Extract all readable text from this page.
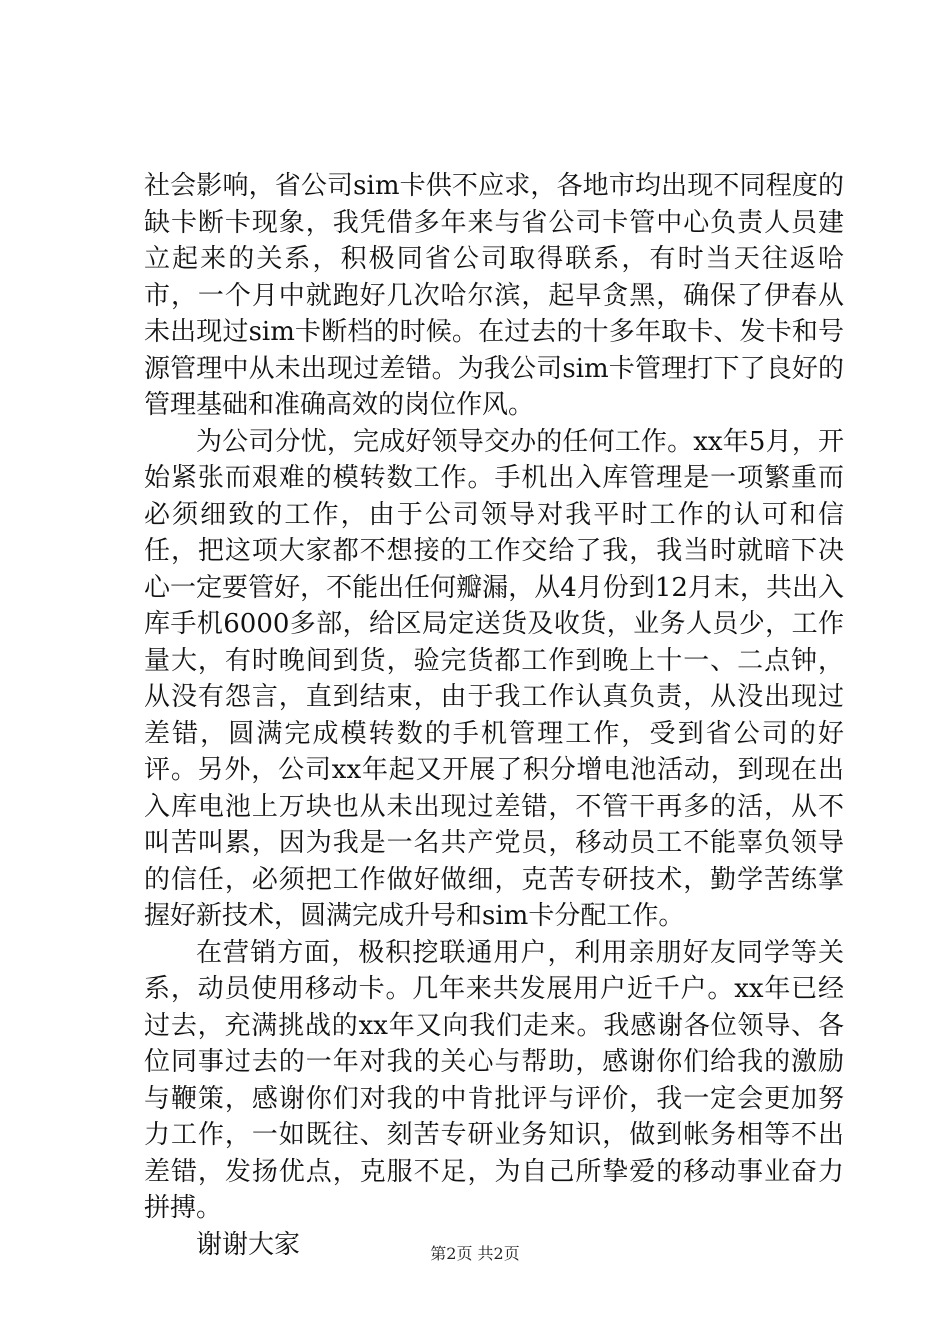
社会影响，省公司sim卡供不应求，各地市均出现不同程度的缺卡断卡现象，我凭借多年来与省公司卡管中心负责人员建立起来的关系，积极同省公司取得联系，有时当天往返哈市，一个月中就跑好几次哈尔滨，起早贪黑，确保了伊春从未出现过sim卡断档的时候。在过去的十多年取卡、发卡和号源管理中从未出现过差错。为我公司sim卡管理打下了良好的管理基础和准确高效的岗位作风。

为公司分忧，完成好领导交办的任何工作。xx年5月，开始紧张而艰难的模转数工作。手机出入库管理是一项繁重而必须细致的工作，由于公司领导对我平时工作的认可和信任，把这项大家都不想接的工作交给了我，我当时就暗下决心一定要管好，不能出任何瓣漏，从4月份到12月末，共出入库手机6000多部，给区局定送货及收货，业务人员少，工作量大，有时晚间到货，验完货都工作到晚上十一、二点钟，从没有怨言，直到结束，由于我工作认真负责，从没出现过差错，圆满完成模转数的手机管理工作，受到省公司的好评。另外，公司xx年起又开展了积分增电池活动，到现在出入库电池上万块也从未出现过差错，不管干再多的活，从不叫苦叫累，因为我是一名共产党员，移动员工不能辜负领导的信任，必须把工作做好做细，克苦专研技术，勤学苦练掌握好新技术，圆满完成升号和sim卡分配工作。

在营销方面，极积挖联通用户，利用亲朋好友同学等关系，动员使用移动卡。几年来共发展用户近千户。xx年已经过去，充满挑战的xx年又向我们走来。我感谢各位领导、各位同事过去的一年对我的关心与帮助，感谢你们给我的激励与鞭策，感谢你们对我的中肯批评与评价，我一定会更加努力工作，一如既往、刻苦专研业务知识，做到帐务相等不出差错，发扬优点，克服不足，为自己所挚爱的移动事业奋力拼搏。

谢谢大家	第2页 共2页
